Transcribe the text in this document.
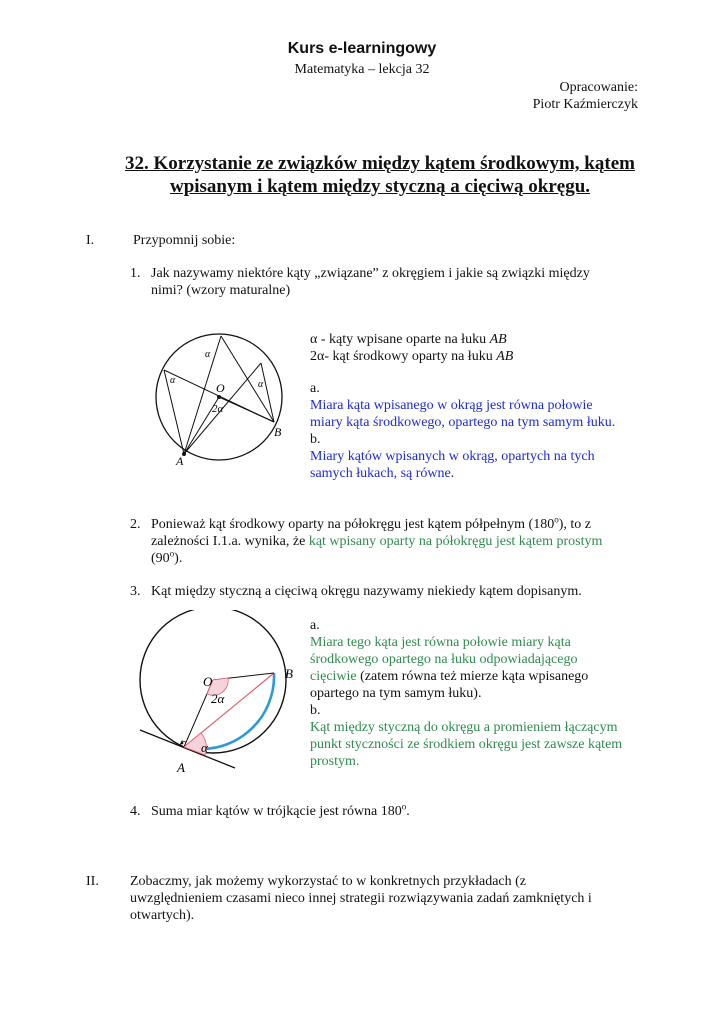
Kurs e-learningowy
Matematyka – lekcja 32
Opracowanie:
Piotr Kaźmierczyk
32. Korzystanie ze związków między kątem środkowym, kątem
wpisanym i kątem między styczną a cięciwą okręgu.
I.	Przypomnij sobie:
1. Jak nazywamy niektóre kąty „związane” z okręgiem i jakie są związki między
nimi? (wzory maturalne)
α
α	α
O
2α
A
B
α - kąty wpisane oparte na łuku AB
2α- kąt środkowy oparty na łuku AB
a.
Miara kąta wpisanego w okrąg jest równa połowie
miary kąta środkowego, opartego na tym samym łuku.
b.
Miary kątów wpisanych w okrąg, opartych na tych
samych łukach, są równe.
2. Ponieważ kąt środkowy oparty na półokręgu jest kątem półpełnym (180$^o$), to z
zależności I.1.a. wynika, że kąt wpisany oparty na półokręgu jest kątem prostym
(90$^o$).
3. Kąt między styczną a cięciwą okręgu nazywamy niekiedy kątem dopisanym.
O
B
A
2α
α
a.
Miara tego kąta jest równa połowie miary kąta
środkowego opartego na łuku odpowiadającego
cięciwie (zatem równa też mierze kąta wpisanego
opartego na tym samym łuku).
b.
Kąt między styczną do okręgu a promieniem łączącym
punkt styczności ze środkiem okręgu jest zawsze kątem
prostym.
4. Suma miar kątów w trójkącie jest równa 180$^o$.
II. Zobaczmy, jak możemy wykorzystać to w konkretnych przykładach (z
uwzględnieniem czasami nieco innej strategii rozwiązywania zadań zamkniętych i
otwartych).
